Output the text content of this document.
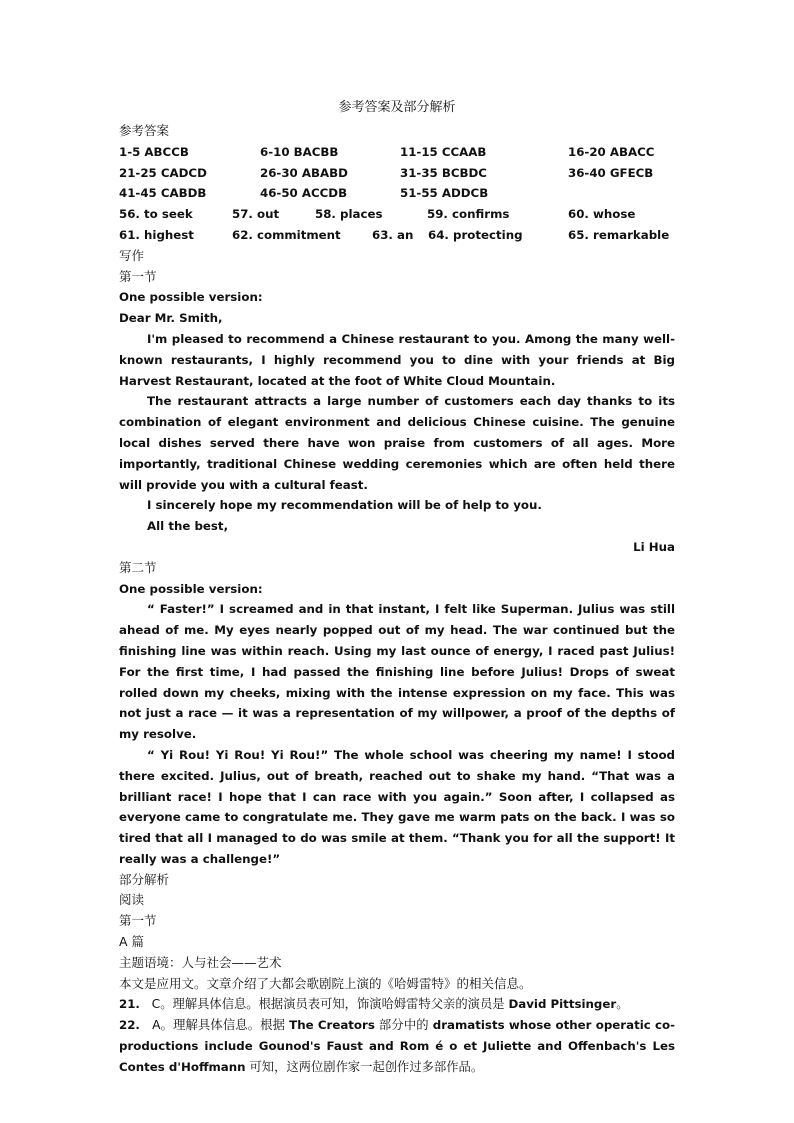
参考答案及部分解析
参考答案
1-5 ABCCB	6-10 BACBB	11-15 CCAAB	16-20 ABACC
21-25 CADCD	26-30 ABABD	31-35 BCBDC	36-40 GFECB
41-45 CABDB	46-50 ACCDB	51-55 ADDCB
56. to seek	57. out	58. places	59. confirms	60. whose
61. highest	62. commitment	63. an 64. protecting	65. remarkable
写作
第一节
One possible version:
Dear Mr. Smith,
I'm pleased to recommend a Chinese restaurant to you. Among the many well-known restaurants, I highly recommend you to dine with your friends at Big Harvest Restaurant, located at the foot of White Cloud Mountain.
The restaurant attracts a large number of customers each day thanks to its combination of elegant environment and delicious Chinese cuisine. The genuine local dishes served there have won praise from customers of all ages. More importantly, traditional Chinese wedding ceremonies which are often held there will provide you with a cultural feast.
I sincerely hope my recommendation will be of help to you.
All the best,
Li Hua
第二节
One possible version:
“ Faster!” I screamed and in that instant, I felt like Superman. Julius was still ahead of me. My eyes nearly popped out of my head. The war continued but the finishing line was within reach. Using my last ounce of energy, I raced past Julius! For the first time, I had passed the finishing line before Julius! Drops of sweat rolled down my cheeks, mixing with the intense expression on my face. This was not just a race — it was a representation of my willpower, a proof of the depths of my resolve.
“ Yi Rou! Yi Rou! Yi Rou!” The whole school was cheering my name! I stood there excited. Julius, out of breath, reached out to shake my hand. “That was a brilliant race! I hope that I can race with you again.” Soon after, I collapsed as everyone came to congratulate me. They gave me warm pats on the back. I was so tired that all I managed to do was smile at them. “Thank you for all the support! It really was a challenge!”
部分解析
阅读
第一节
A 篇
主题语境：人与社会——艺术
本文是应用文。文章介绍了大都会歌剧院上演的《哈姆雷特》的相关信息。
21. C。理解具体信息。根据演员表可知，饰演哈姆雷特父亲的演员是 David Pittsinger。
22. A。理解具体信息。根据 The Creators 部分中的 dramatists whose other operatic co-productions include Gounod's Faust and Rom é o et Juliette and Offenbach's Les Contes d'Hoffmann 可知，这两位剧作家一起创作过多部作品。
